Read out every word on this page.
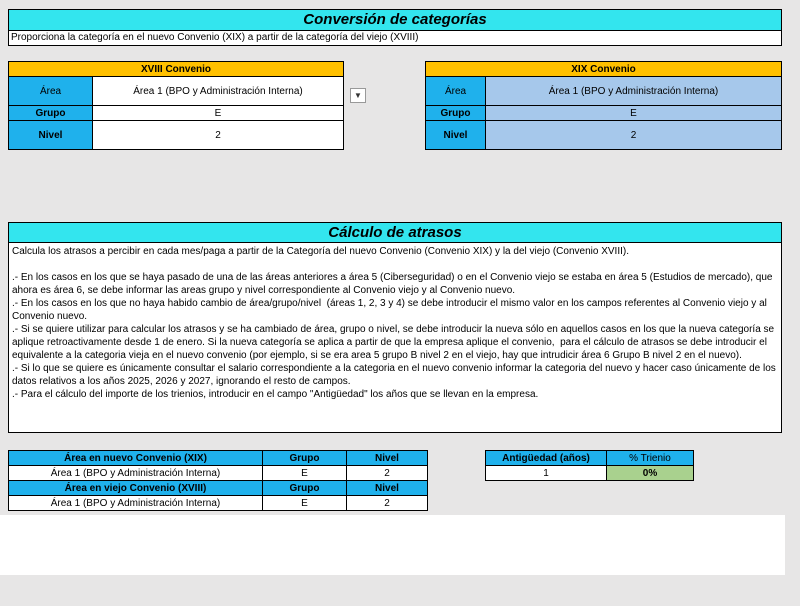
Conversión de categorías
Proporciona la categoría en el nuevo Convenio (XIX) a partir de la categoría del viejo (XVIII)
XVIII Convenio	
Área	Área 1 (BPO y Administración Interna)
Grupo	E
Nivel	2
▼
XIX Convenio	
Área	Área 1 (BPO y Administración Interna)
Grupo	E
Nivel	2
Cálculo de atrasos

Calcula los atrasos a percibir en cada mes/paga a partir de la Categoría del nuevo Convenio (Convenio XIX) y la del viejo (Convenio XVIII).

.- En los casos en los que se haya pasado de una de las áreas anteriores a área 5 (Ciberseguridad) o en el Convenio viejo se estaba en área 5 (Estudios de mercado), que ahora es área 6, se debe informar las areas grupo y nivel correspondiente al Convenio viejo y al Convenio nuevo.

.- En los casos en los que no haya habido cambio de área/grupo/nivel  (áreas 1, 2, 3 y 4) se debe introducir el mismo valor en los campos referentes al Convenio viejo y al Convenio nuevo.

.- Si se quiere utilizar para calcular los atrasos y se ha cambiado de área, grupo o nivel, se debe introducir la nueva sólo en aquellos casos en los que la nueva categoría se aplique retroactivamente desde 1 de enero. Si la nueva categoría se aplica a partir de que la empresa aplique el convenio,  para el cálculo de atrasos se debe introducir el equivalente a la categoria vieja en el nuevo convenio (por ejemplo, si se era area 5 grupo B nivel 2 en el viejo, hay que intrudicir área 6 Grupo B nivel 2 en el nuevo).

.- Si lo que se quiere es únicamente consultar el salario correspondiente a la categoria en el nuevo convenio informar la categoria del nuevo y hacer caso únicamente de los datos relativos a los años 2025, 2026 y 2027, ignorando el resto de campos.

.- Para el cálculo del importe de los trienios, introducir en el campo "Antigüedad" los años que se llevan en la empresa.

Área en nuevo Convenio (XIX)	Grupo	Nivel
Área 1 (BPO y Administración Interna)	E	2
Área en viejo Convenio (XVIII)	Grupo	Nivel
Área 1 (BPO y Administración Interna)	E	2
Antigüedad (años)	% Trienio
1	0%
